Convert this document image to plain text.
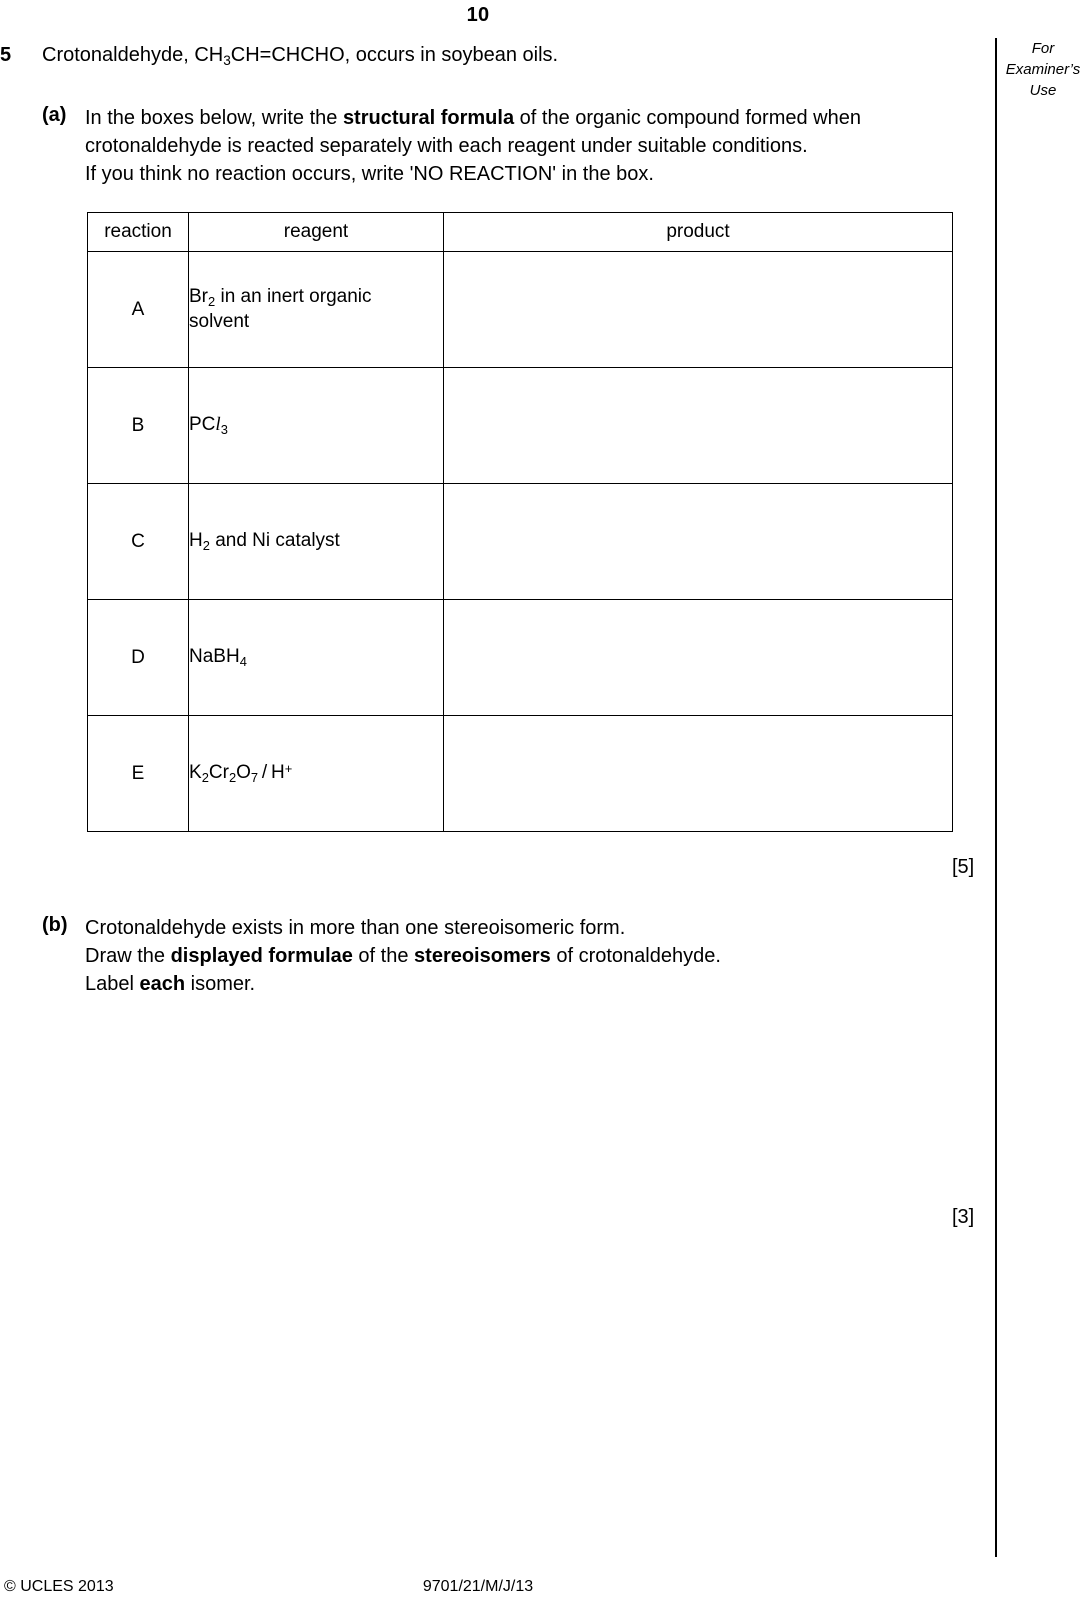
10
For
Examiner’s
Use
5 Crotonaldehyde, $CH_3CH=CHCHO$, occurs in soybean oils.
(a) In the boxes below, write the structural formula of the organic compound formed when
crotonaldehyde is reacted separately with each reagent under suitable conditions.
If you think no reaction occurs, write 'NO REACTION' in the box.
reaction	reagent	product
A	$Br_2$ in an inert organic
solvent	
B	PCl$_3$	
C	$H_2$ and Ni catalyst	
D	NaBH$_4$	
E	$K_2Cr_2O_7 / H^+$	
[5]
(b) Crotonaldehyde exists in more than one stereoisomeric form.
Draw the displayed formulae of the stereoisomers of crotonaldehyde.
Label each isomer.
[3]
© UCLES 2013	9701/21/M/J/13
